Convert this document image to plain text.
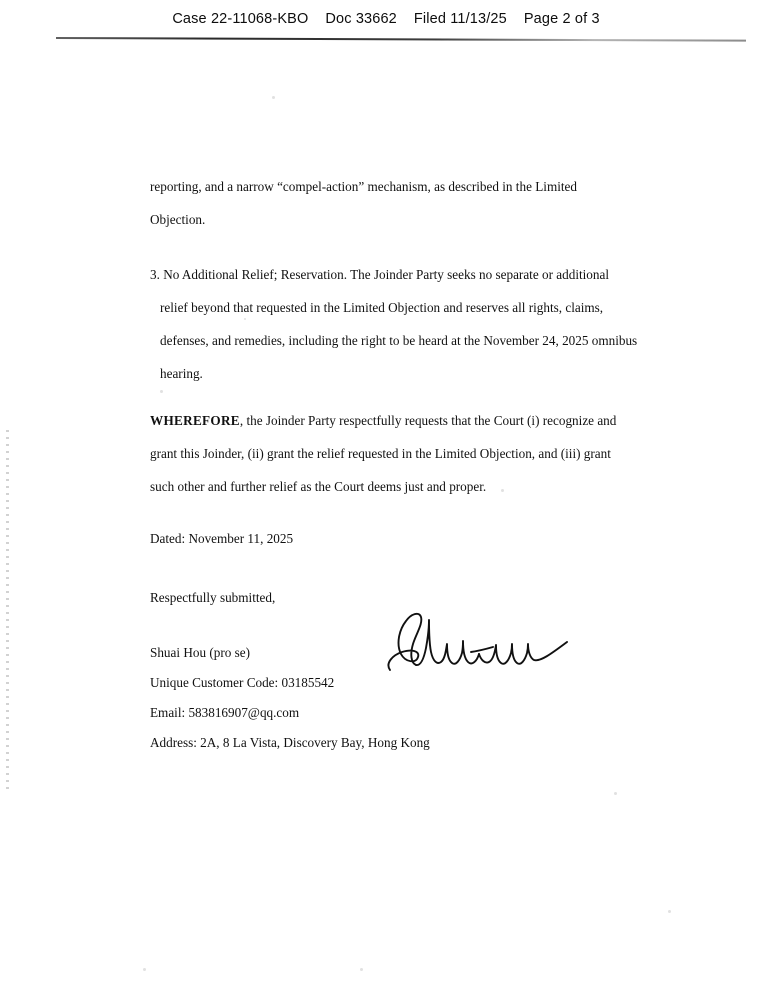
Case 22-11068-KBO Doc 33662 Filed 11/13/25 Page 2 of 3

reporting, and a narrow “compel-action” mechanism, as described in the Limited Objection.

3. No Additional Relief; Reservation. The Joinder Party seeks no separate or additional relief beyond that requested in the Limited Objection and reserves all rights, claims, defenses, and remedies, including the right to be heard at the November 24, 2025 omnibus hearing.

WHEREFORE, the Joinder Party respectfully requests that the Court (i) recognize and grant this Joinder, (ii) grant the relief requested in the Limited Objection, and (iii) grant such other and further relief as the Court deems just and proper.

Dated: November 11, 2025

Respectfully submitted,

Shuai Hou (pro se)
Unique Customer Code: 03185542
Email: 583816907@qq.com
Address: 2A, 8 La Vista, Discovery Bay, Hong Kong
